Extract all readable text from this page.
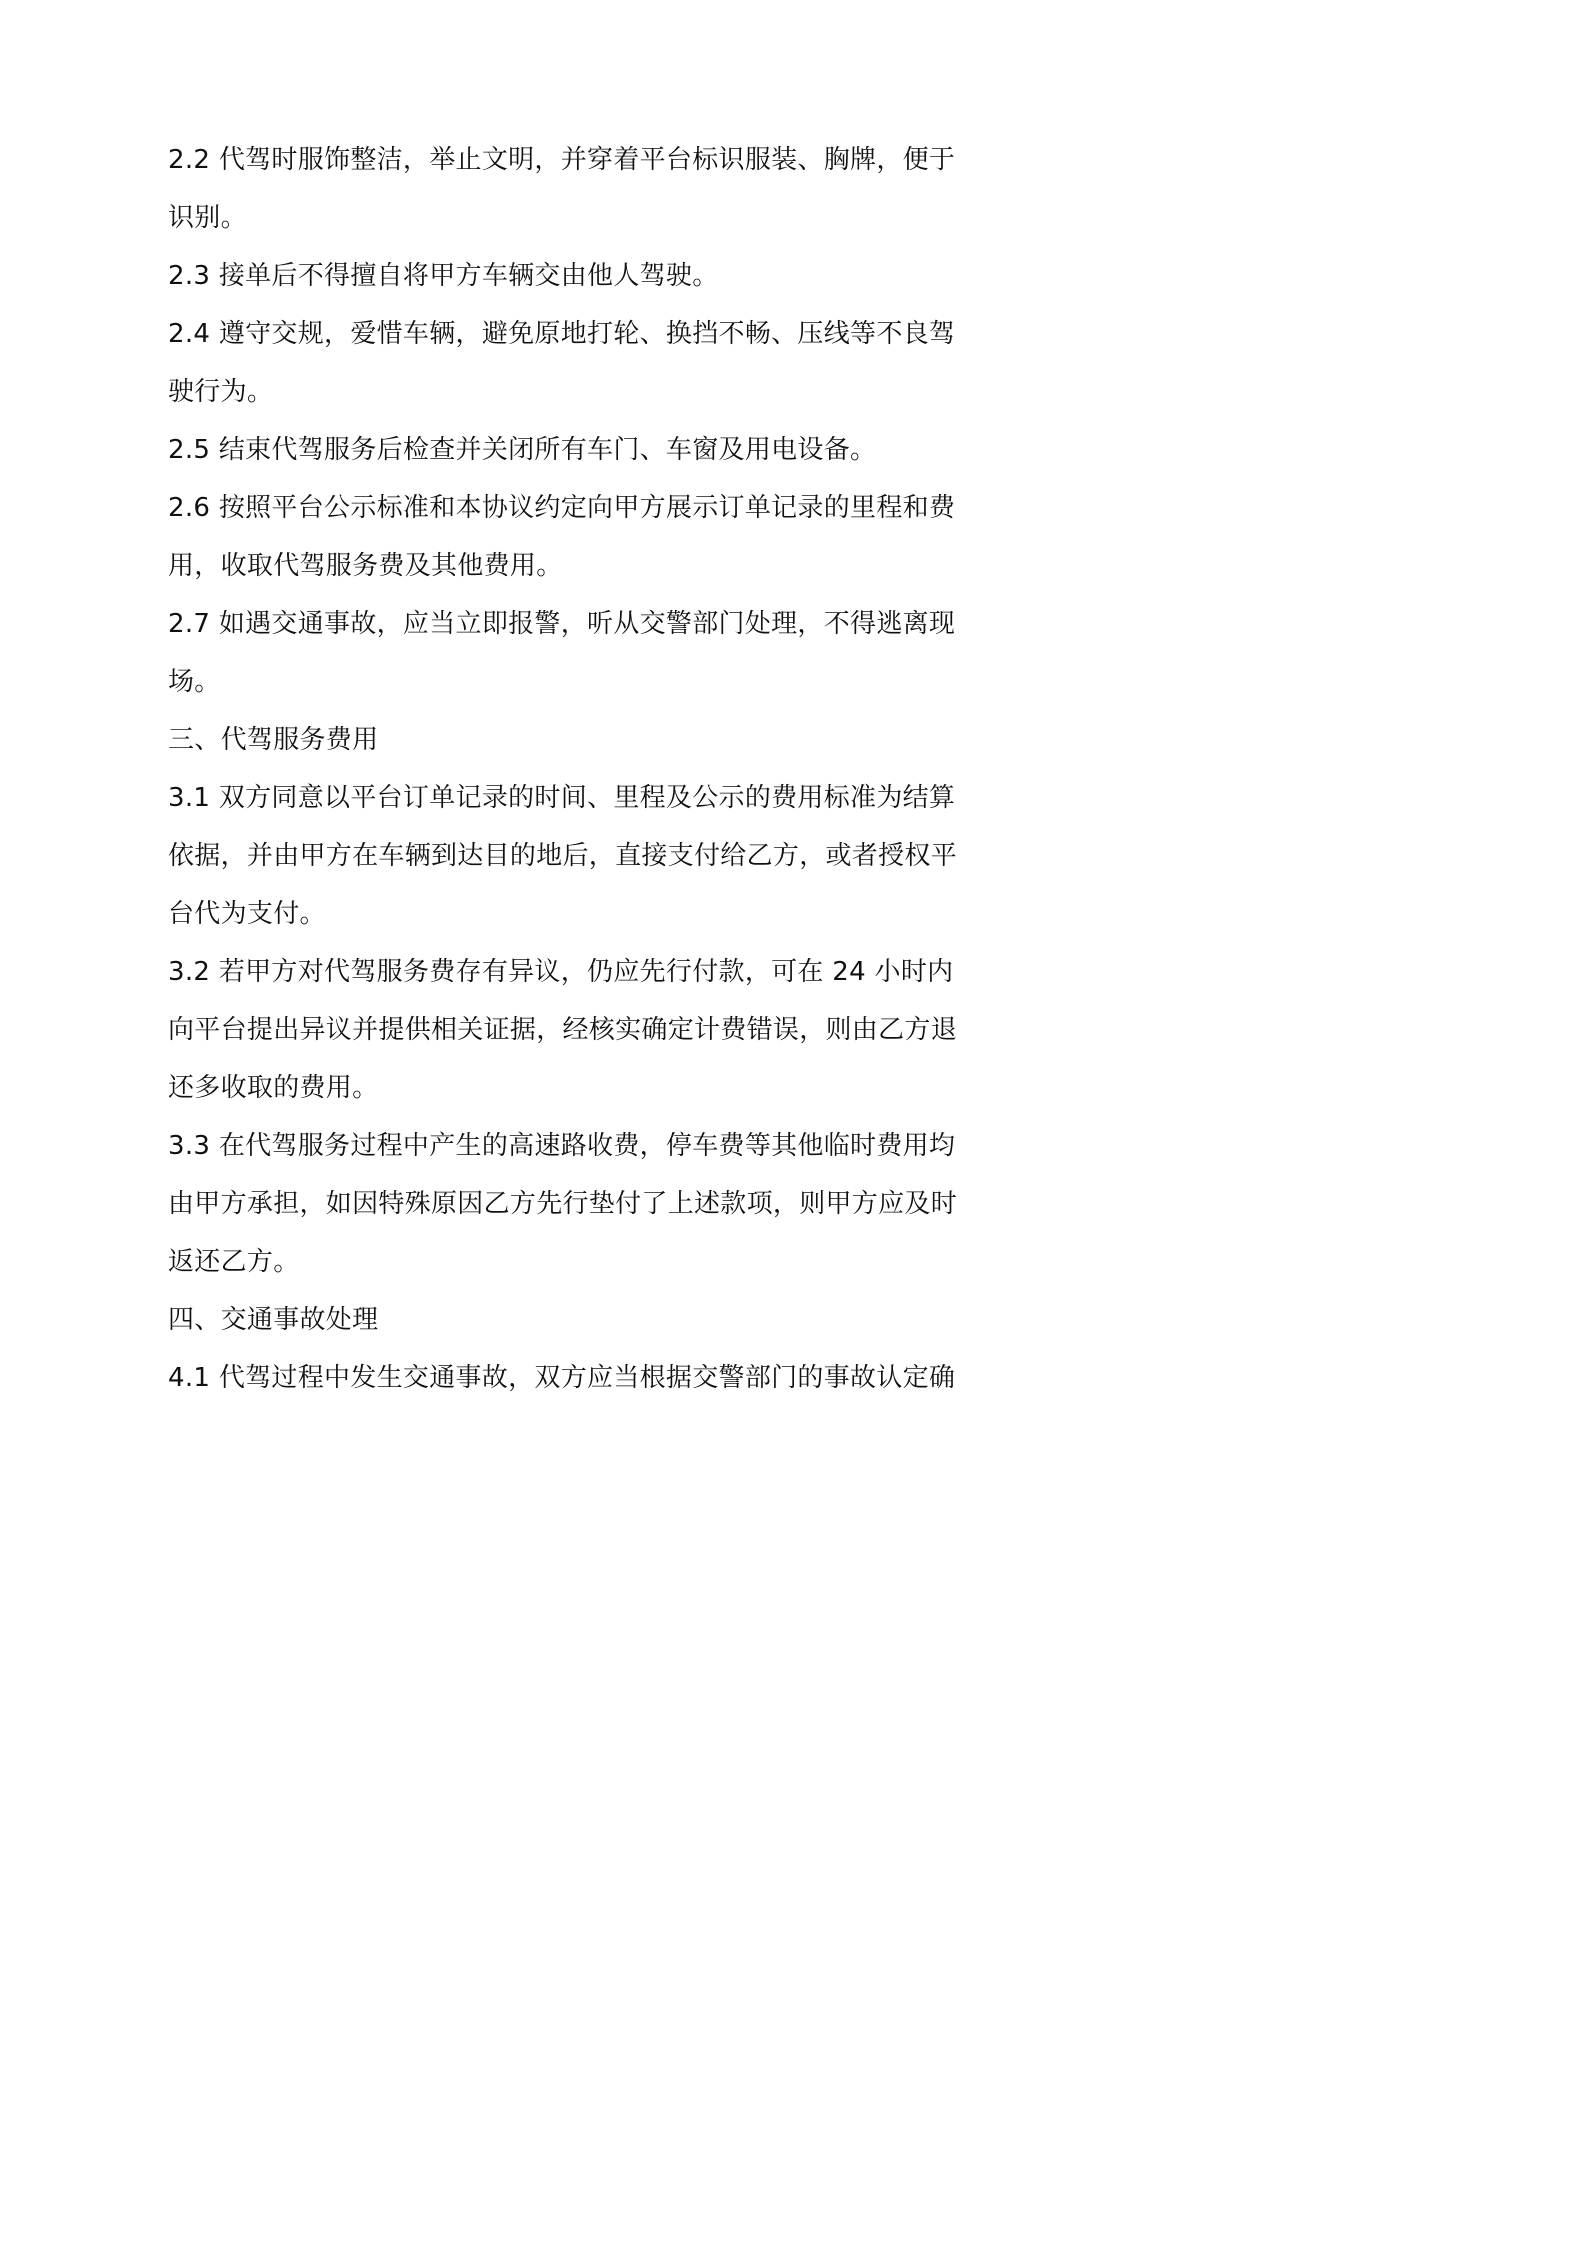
2.2 代驾时服饰整洁，举止文明，并穿着平台标识服装、胸牌，便于
识别。
2.3 接单后不得擅自将甲方车辆交由他人驾驶。
2.4 遵守交规，爱惜车辆，避免原地打轮、换挡不畅、压线等不良驾
驶行为。
2.5 结束代驾服务后检查并关闭所有车门、车窗及用电设备。
2.6 按照平台公示标准和本协议约定向甲方展示订单记录的里程和费
用，收取代驾服务费及其他费用。
2.7 如遇交通事故，应当立即报警，听从交警部门处理，不得逃离现
场。
三、代驾服务费用
3.1 双方同意以平台订单记录的时间、里程及公示的费用标准为结算
依据，并由甲方在车辆到达目的地后，直接支付给乙方，或者授权平
台代为支付。
3.2 若甲方对代驾服务费存有异议，仍应先行付款，可在 24 小时内
向平台提出异议并提供相关证据，经核实确定计费错误，则由乙方退
还多收取的费用。
3.3 在代驾服务过程中产生的高速路收费，停车费等其他临时费用均
由甲方承担，如因特殊原因乙方先行垫付了上述款项，则甲方应及时
返还乙方。
四、交通事故处理
4.1 代驾过程中发生交通事故，双方应当根据交警部门的事故认定确
